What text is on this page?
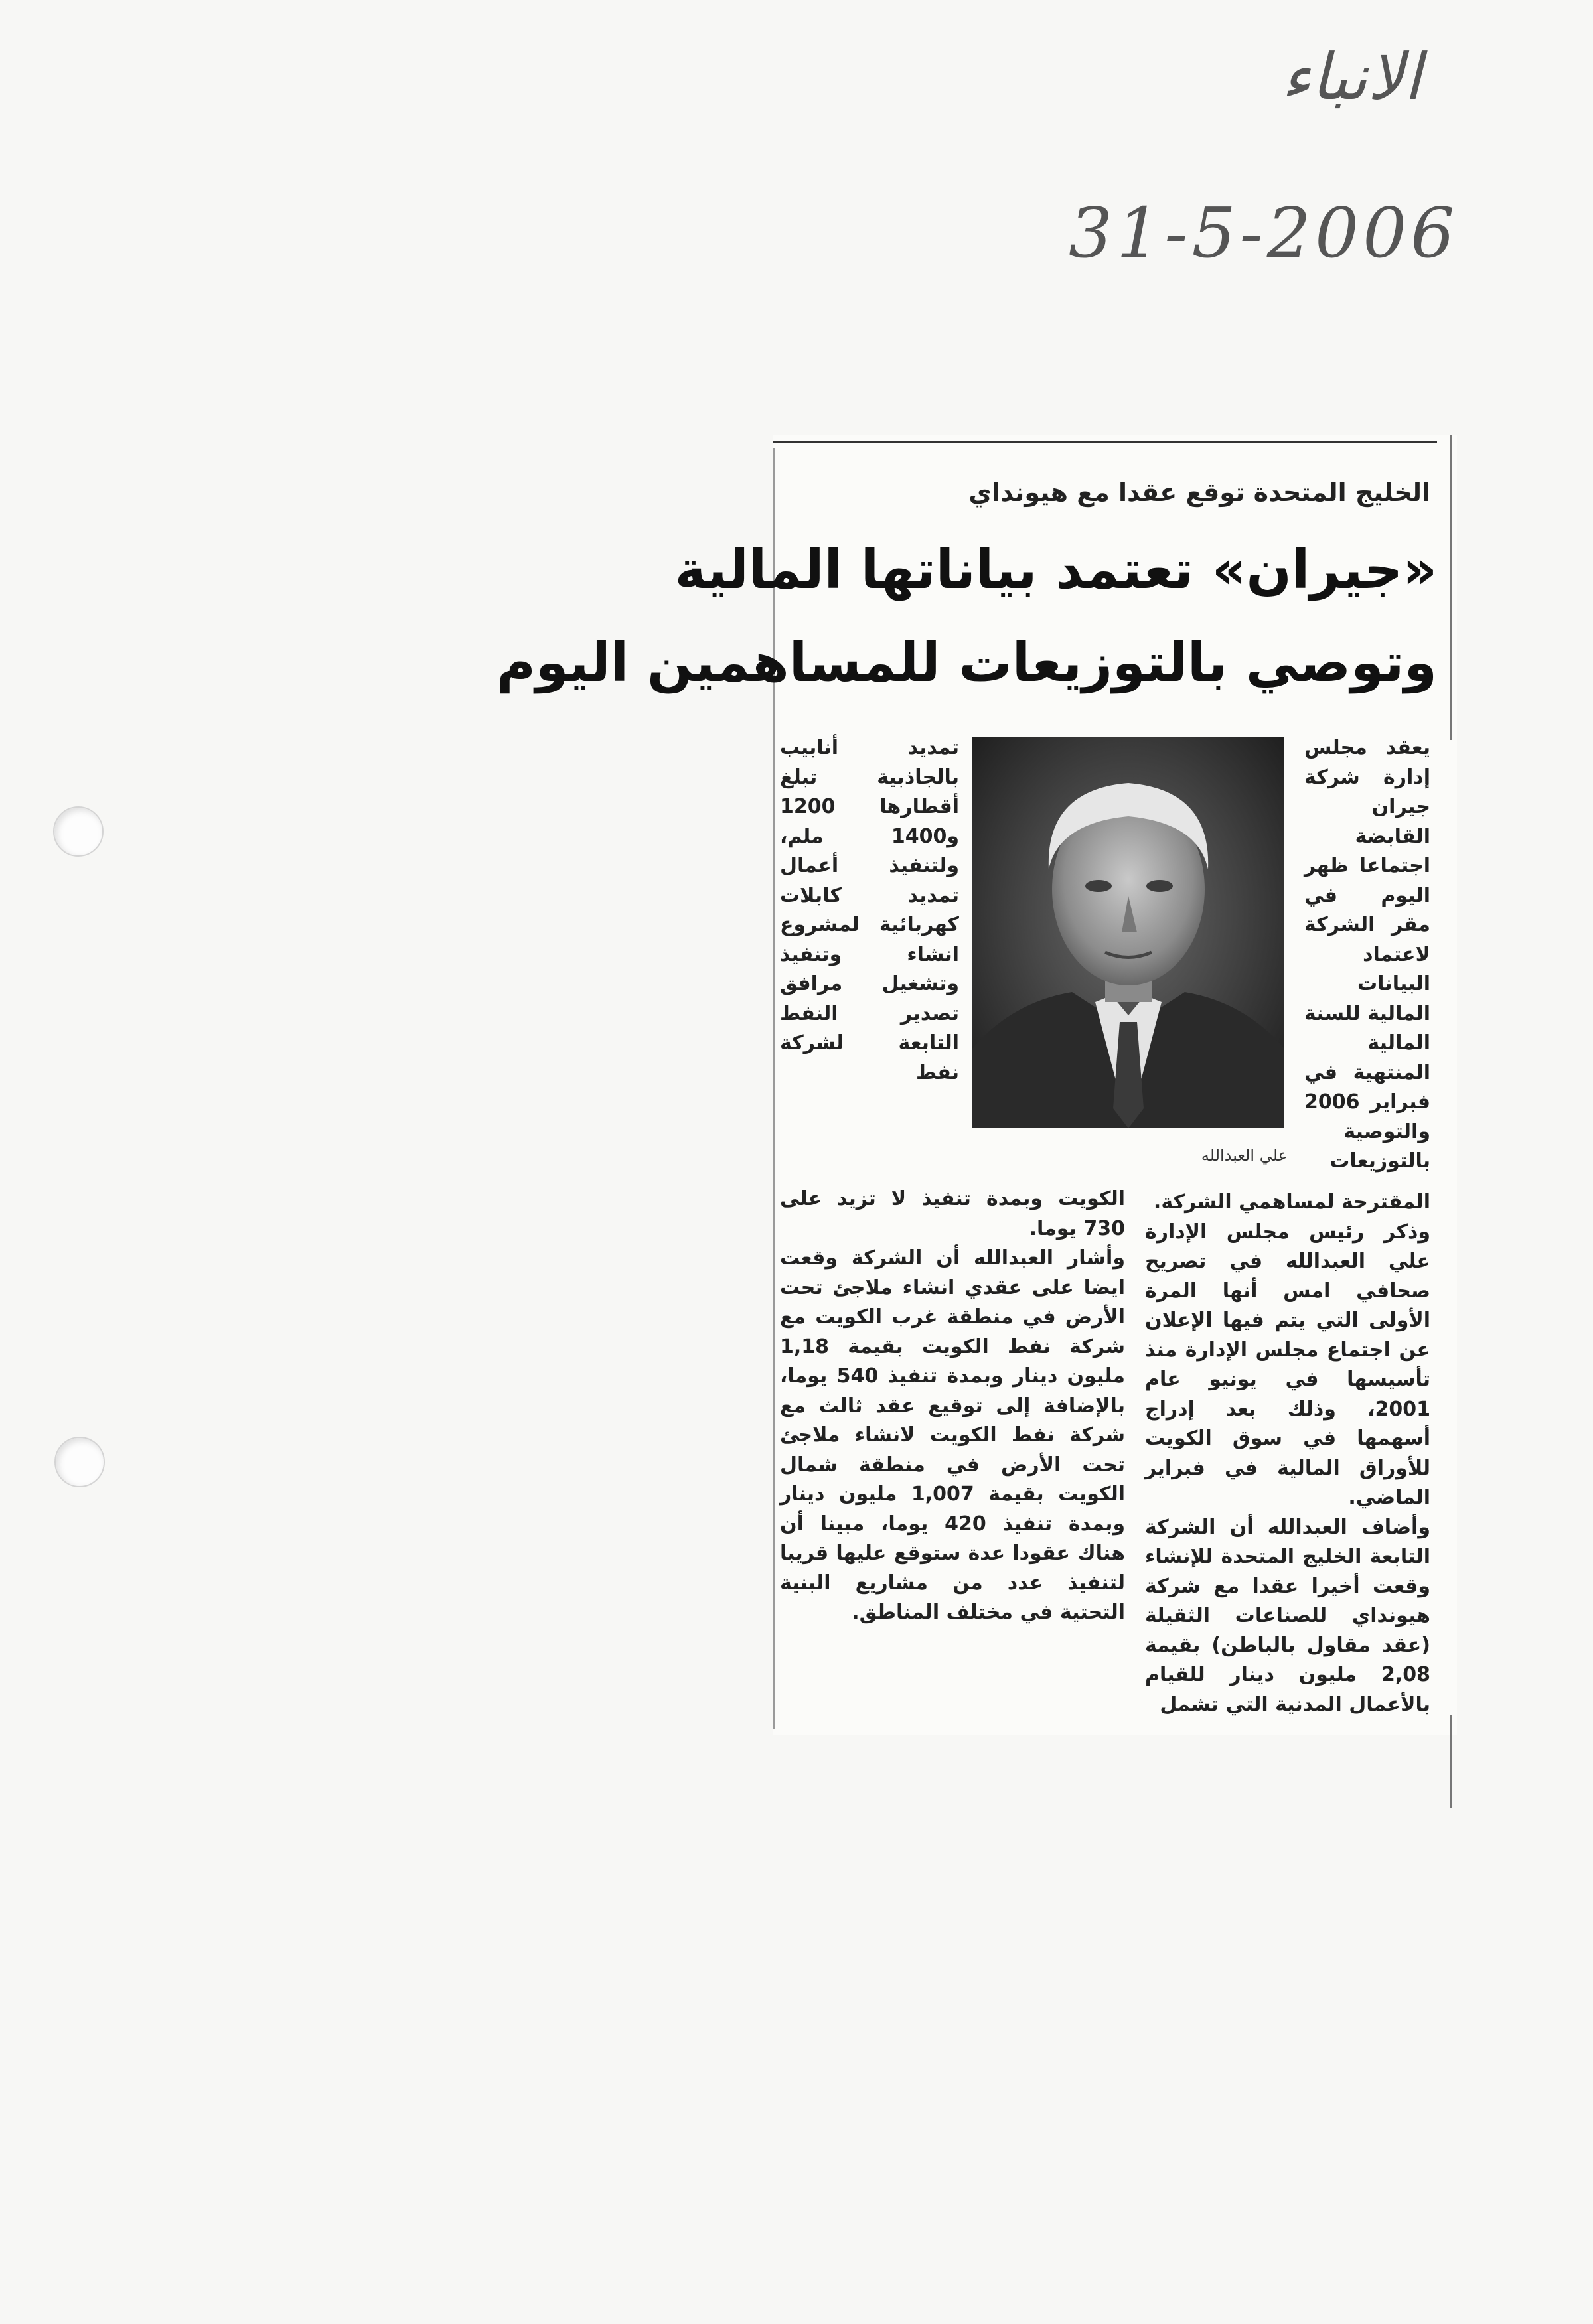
الانباء
31-5-2006
الخليج المتحدة توقع عقدا مع هيونداي
«جيران» تعتمد بياناتها المالية
وتوصي بالتوزيعات للمساهمين اليوم

يعقد مجلس إدارة شركة جيران القابضة اجتماعا ظهر اليوم في مقر الشركة لاعتماد البيانات المالية للسنة المالية المنتهية في فبراير 2006 والتوصية بالتوزيعات

علي العبدالله

تمديد أنابيب بالجاذبية تبلغ أقطارها 1200 و1400 ملم، ولتنفيذ أعمال تمديد كابلات كهربائية لمشروع انشاء وتنفيذ وتشغيل مرافق تصدير النفط التابعة لشركة نفط

المقترحة لمساهمي الشركة.

وذكر رئيس مجلس الإدارة علي العبدالله في تصريح صحافي امس أنها المرة الأولى التي يتم فيها الإعلان عن اجتماع مجلس الإدارة منذ تأسيسها في يونيو عام 2001، وذلك بعد إدراج أسهمها في سوق الكويت للأوراق المالية في فبراير الماضي.

وأضاف العبدالله أن الشركة التابعة الخليج المتحدة للإنشاء وقعت أخيرا عقدا مع شركة هيونداي للصناعات الثقيلة (عقد مقاول بالباطن) بقيمة 2,08 مليون دينار للقيام بالأعمال المدنية التي تشمل

الكويت وبمدة تنفيذ لا تزيد على 730 يوما.

وأشار العبدالله أن الشركة وقعت ايضا على عقدي انشاء ملاجئ تحت الأرض في منطقة غرب الكويت مع شركة نفط الكويت بقيمة 1,18 مليون دينار وبمدة تنفيذ 540 يوما، بالإضافة إلى توقيع عقد ثالث مع شركة نفط الكويت لانشاء ملاجئ تحت الأرض في منطقة شمال الكويت بقيمة 1,007 مليون دينار وبمدة تنفيذ 420 يوما، مبينا أن هناك عقودا عدة ستوقع عليها قريبا لتنفيذ عدد من مشاريع البنية التحتية في مختلف المناطق.
